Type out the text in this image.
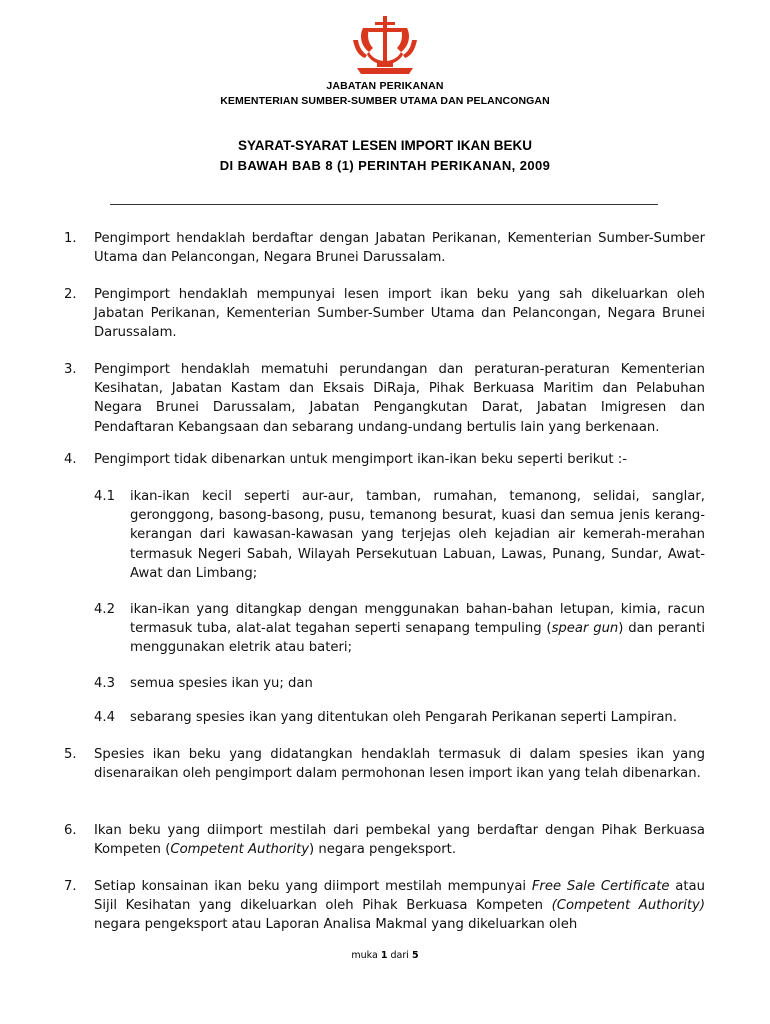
JABATAN PERIKANAN
KEMENTERIAN SUMBER-SUMBER UTAMA DAN PELANCONGAN
SYARAT-SYARAT LESEN IMPORT IKAN BEKU
DI BAWAH BAB 8 (1) PERINTAH PERIKANAN, 2009
1. Pengimport hendaklah berdaftar dengan Jabatan Perikanan, Kementerian Sumber-Sumber Utama dan Pelancongan, Negara Brunei Darussalam.
2. Pengimport hendaklah mempunyai lesen import ikan beku yang sah dikeluarkan oleh Jabatan Perikanan, Kementerian Sumber-Sumber Utama dan Pelancongan, Negara Brunei Darussalam.
3. Pengimport hendaklah mematuhi perundangan dan peraturan-peraturan Kementerian Kesihatan, Jabatan Kastam dan Eksais DiRaja, Pihak Berkuasa Maritim dan Pelabuhan Negara Brunei Darussalam, Jabatan Pengangkutan Darat, Jabatan Imigresen dan Pendaftaran Kebangsaan dan sebarang undang-undang bertulis lain yang berkenaan.
4. Pengimport tidak dibenarkan untuk mengimport ikan-ikan beku seperti berikut :-
4.1 ikan-ikan kecil seperti aur-aur, tamban, rumahan, temanong, selidai, sanglar, geronggong, basong-basong, pusu, temanong besurat, kuasi dan semua jenis kerang-kerangan dari kawasan-kawasan yang terjejas oleh kejadian air kemerah-merahan termasuk Negeri Sabah, Wilayah Persekutuan Labuan, Lawas, Punang, Sundar, Awat-Awat dan Limbang;
4.2 ikan-ikan yang ditangkap dengan menggunakan bahan-bahan letupan, kimia, racun termasuk tuba, alat-alat tegahan seperti senapang tempuling (spear gun) dan peranti menggunakan eletrik atau bateri;
4.3 semua spesies ikan yu; dan
4.4 sebarang spesies ikan yang ditentukan oleh Pengarah Perikanan seperti Lampiran.
5. Spesies ikan beku yang didatangkan hendaklah termasuk di dalam spesies ikan yang disenaraikan oleh pengimport dalam permohonan lesen import ikan yang telah dibenarkan.
6. Ikan beku yang diimport mestilah dari pembekal yang berdaftar dengan Pihak Berkuasa Kompeten (Competent Authority) negara pengeksport.
7. Setiap konsainan ikan beku yang diimport mestilah mempunyai Free Sale Certificate atau Sijil Kesihatan yang dikeluarkan oleh Pihak Berkuasa Kompeten (Competent Authority) negara pengeksport atau Laporan Analisa Makmal yang dikeluarkan oleh
muka 1 dari 5
